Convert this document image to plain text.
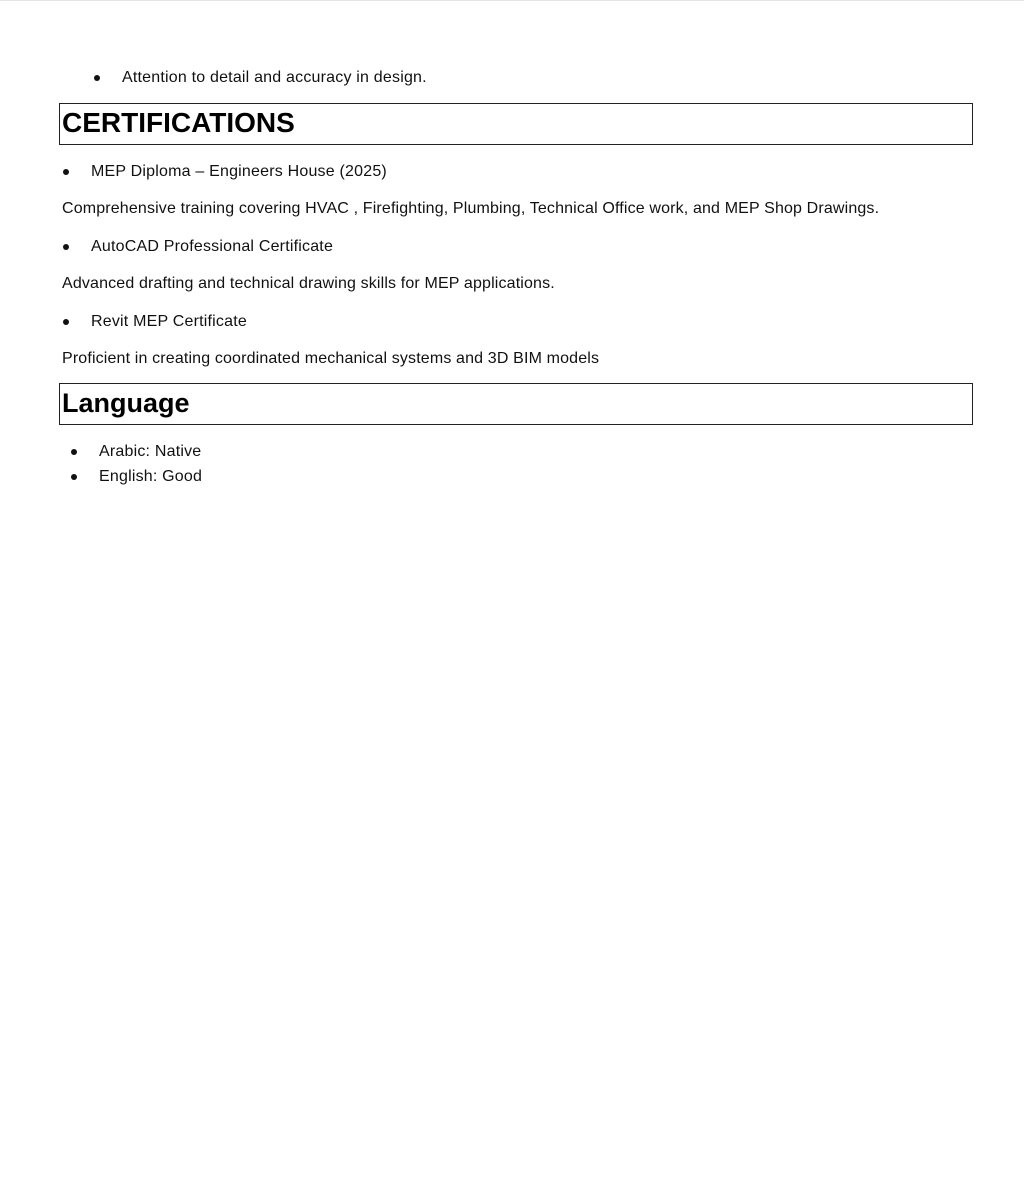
Attention to detail and accuracy in design.
CERTIFICATIONS
MEP Diploma – Engineers House (2025)
Comprehensive training covering HVAC , Firefighting, Plumbing, Technical Office work, and MEP Shop Drawings.
AutoCAD Professional Certificate
Advanced drafting and technical drawing skills for MEP applications.
Revit MEP Certificate
Proficient in creating coordinated mechanical systems and 3D BIM models
Language
Arabic: Native
English: Good
